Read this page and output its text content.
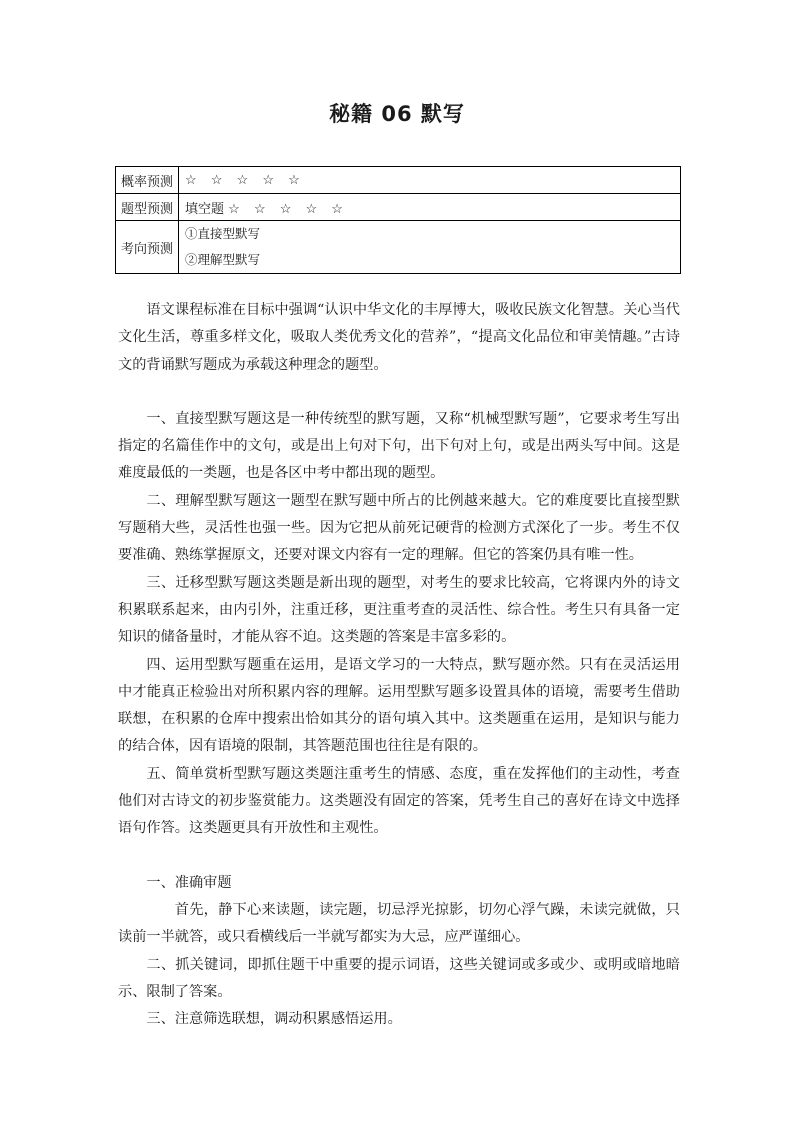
秘籍 06 默写
概率预测	☆ ☆ ☆ ☆ ☆
题型预测	填空题 ☆ ☆ ☆ ☆ ☆
考向预测	①直接型默写
②理解型默写

语文课程标准在目标中强调“认识中华文化的丰厚博大，吸收民族文化智慧。关心当代文化生活，尊重多样文化，吸取人类优秀文化的营养”，“提高文化品位和审美情趣。”古诗文的背诵默写题成为承载这种理念的题型。

一、直接型默写题这是一种传统型的默写题，又称“机械型默写题”，它要求考生写出指定的名篇佳作中的文句，或是出上句对下句，出下句对上句，或是出两头写中间。这是难度最低的一类题，也是各区中考中都出现的题型。

二、理解型默写题这一题型在默写题中所占的比例越来越大。它的难度要比直接型默写题稍大些，灵活性也强一些。因为它把从前死记硬背的检测方式深化了一步。考生不仅要准确、熟练掌握原文，还要对课文内容有一定的理解。但它的答案仍具有唯一性。

三、迁移型默写题这类题是新出现的题型，对考生的要求比较高，它将课内外的诗文积累联系起来，由内引外，注重迁移，更注重考查的灵活性、综合性。考生只有具备一定知识的储备量时，才能从容不迫。这类题的答案是丰富多彩的。

四、运用型默写题重在运用，是语文学习的一大特点，默写题亦然。只有在灵活运用中才能真正检验出对所积累内容的理解。运用型默写题多设置具体的语境，需要考生借助联想，在积累的仓库中搜索出恰如其分的语句填入其中。这类题重在运用，是知识与能力的结合体，因有语境的限制，其答题范围也往往是有限的。

五、简单赏析型默写题这类题注重考生的情感、态度，重在发挥他们的主动性，考查他们对古诗文的初步鉴赏能力。这类题没有固定的答案，凭考生自己的喜好在诗文中选择语句作答。这类题更具有开放性和主观性。

一、准确审题

首先，静下心来读题，读完题，切忌浮光掠影，切勿心浮气躁，未读完就做，只读前一半就答，或只看横线后一半就写都实为大忌，应严谨细心。

二、抓关键词，即抓住题干中重要的提示词语，这些关键词或多或少、或明或暗地暗示、限制了答案。

三、注意筛选联想，调动积累感悟运用。
